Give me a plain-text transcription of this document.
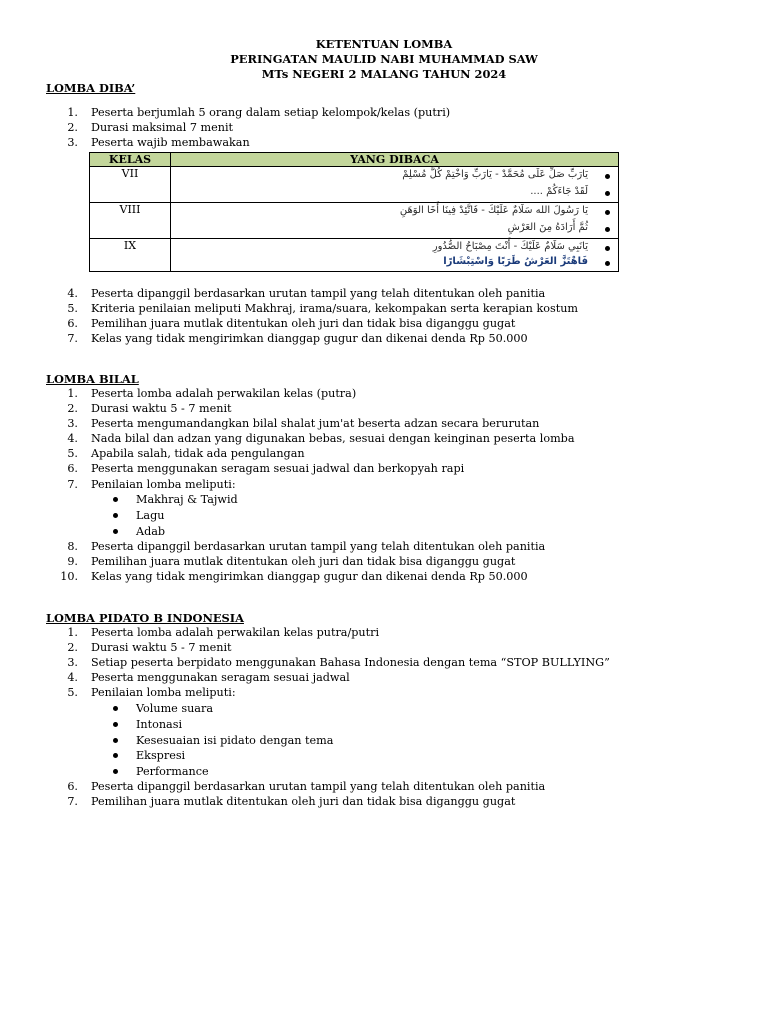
KETENTUAN LOMBA
PERINGATAN MAULID NABI MUHAMMAD SAW
MTs NEGERI 2 MALANG TAHUN 2024
LOMBA DIBA’
1. Peserta berjumlah 5 orang dalam setiap kelompok/kelas (putri)
2. Durasi maksimal 7 menit
3. Peserta wajib membawakan
KELAS	YANG DIBACA
VII	يَارَبِّ صَلِّ عَلَى مُحَمَّدْ - يَارَبِّ وَاخْتِمْ كُلَّ مُسْلِمْ
لَقَدْ جَاءَكُمْ ....

VIII	يَا رَسُولَ الله سَلَامٌ عَلَيْكَ - فَاتَّئِدْ فِينَا أَخَا الوَهَنِ
ثُمَّ أَرَادَهُ مِنَ العَرْشِ

IX	يَانَبِي سَلَامٌ عَلَيْكَ - أَنْتَ مِصْبَاحُ الصُّدُورِ
فَاهْتَزَّ العَرْشُ طَرَبًا وَاسْتِبْشَارًا
4. Peserta dipanggil berdasarkan urutan tampil yang telah ditentukan oleh panitia
5. Kriteria penilaian meliputi Makhraj, irama/suara, kekompakan serta kerapian kostum
6. Pemilihan juara mutlak ditentukan oleh juri dan tidak bisa diganggu gugat
7. Kelas yang tidak mengirimkan dianggap gugur dan dikenai denda Rp 50.000
LOMBA BILAL
1. Peserta lomba adalah perwakilan kelas (putra)
2. Durasi waktu 5 - 7 menit
3. Peserta mengumandangkan bilal shalat jum'at beserta adzan secara berurutan
4. Nada bilal dan adzan yang digunakan bebas, sesuai dengan keinginan peserta lomba
5. Apabila salah, tidak ada pengulangan
6. Peserta menggunakan seragam sesuai jadwal dan berkopyah rapi
7. Penilaian lomba meliputi:
Makhraj & Tajwid
Lagu
Adab
8. Peserta dipanggil berdasarkan urutan tampil yang telah ditentukan oleh panitia
9. Pemilihan juara mutlak ditentukan oleh juri dan tidak bisa diganggu gugat
10. Kelas yang tidak mengirimkan dianggap gugur dan dikenai denda Rp 50.000
LOMBA PIDATO B INDONESIA
1. Peserta lomba adalah perwakilan kelas putra/putri
2. Durasi waktu 5 - 7 menit
3. Setiap peserta berpidato menggunakan Bahasa Indonesia dengan tema “STOP BULLYING”
4. Peserta menggunakan seragam sesuai jadwal
5. Penilaian lomba meliputi:
Volume suara
Intonasi
Kesesuaian isi pidato dengan tema
Ekspresi
Performance
6. Peserta dipanggil berdasarkan urutan tampil yang telah ditentukan oleh panitia
7. Pemilihan juara mutlak ditentukan oleh juri dan tidak bisa diganggu gugat
